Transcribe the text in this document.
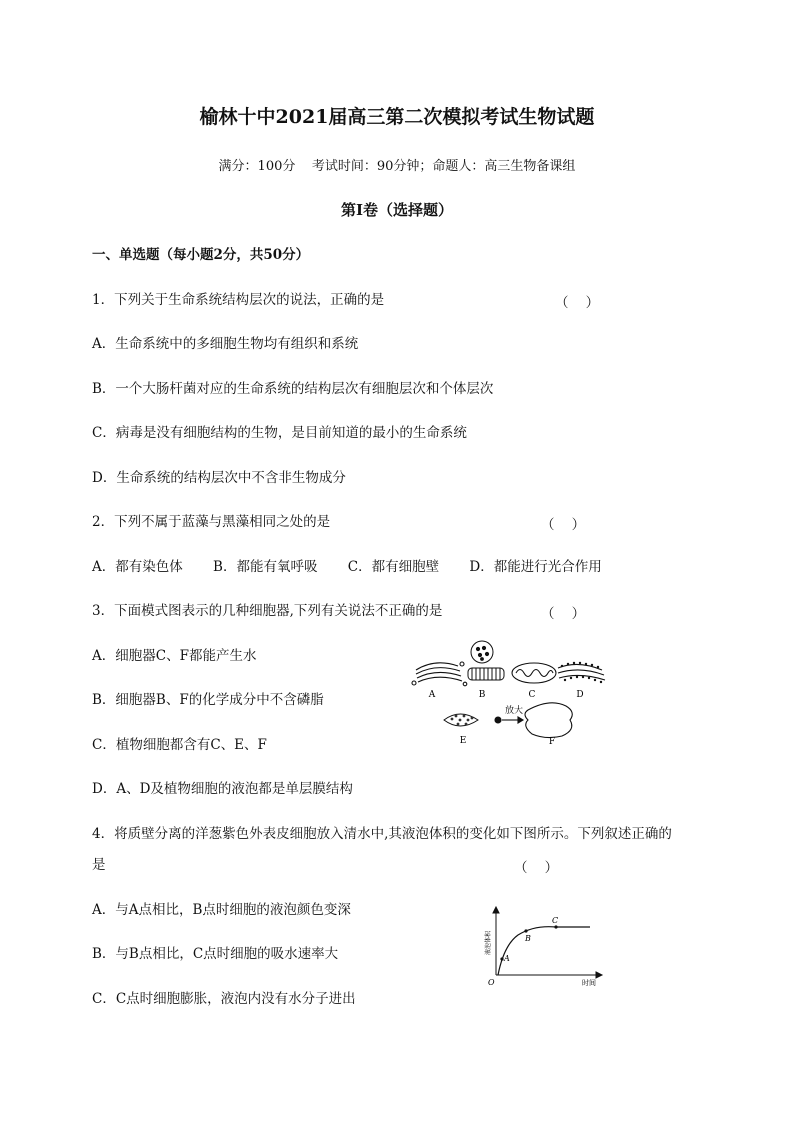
榆林十中2021届高三第二次模拟考试生物试题
满分：100分    考试时间：90分钟；命题人：高三生物备课组
第I卷（选择题）
一、单选题（每小题2分，共50分）
1．下列关于生命系统结构层次的说法，正确的是	（    ）
A．生命系统中的多细胞生物均有组织和系统
B．一个大肠杆菌对应的生命系统的结构层次有细胞层次和个体层次
C．病毒是没有细胞结构的生物，是目前知道的最小的生命系统
D．生命系统的结构层次中不含非生物成分
2．下列不属于蓝藻与黑藻相同之处的是	（    ）
A．都有染色体 B．都能有氧呼吸 C．都有细胞壁 D．都能进行光合作用
3．下面模式图表示的几种细胞器,下列有关说法不正确的是	（    ）
A．细胞器C、F都能产生水
B．细胞器B、F的化学成分中不含磷脂
C．植物细胞都含有C、E、F
D．A、D及植物细胞的液泡都是单层膜结构
A	B	C	D
E
放大
F
4．将质壁分离的洋葱紫色外表皮细胞放入清水中,其液泡体积的变化如下图所示。下列叙述正确的
是	（    ）
A．与A点相比，B点时细胞的液泡颜色变深
B．与B点相比，C点时细胞的吸水速率大
C．C点时细胞膨胀，液泡内没有水分子进出
A
B
C
O	时间
液泡体积
